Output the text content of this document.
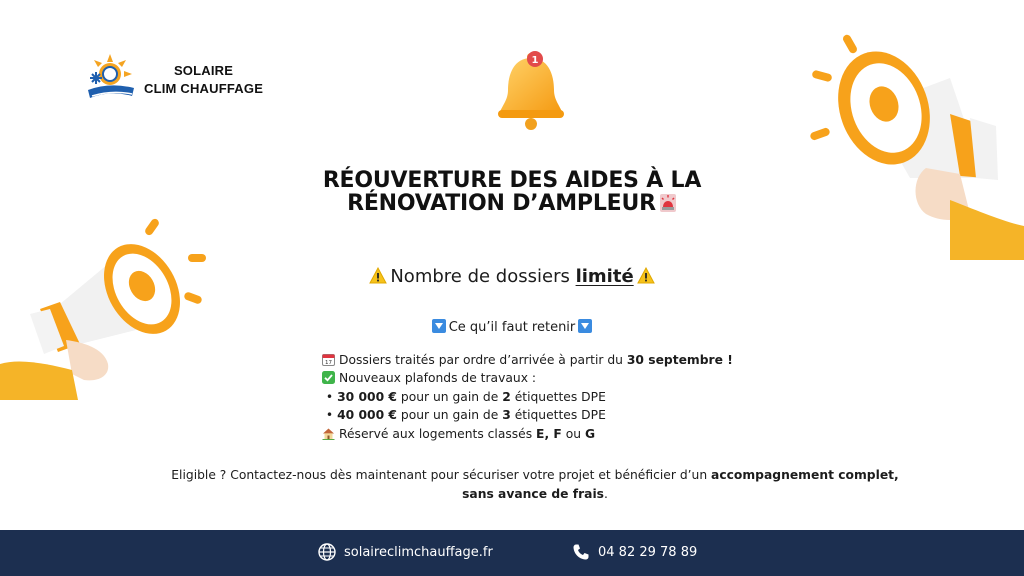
SOLAIRE
CLIM CHAUFFAGE
1
RÉOUVERTURE DES AIDES À LA
RÉNOVATION D’AMPLEUR
Nombre de dossiers limité
Ce qu’il faut retenir
17 Dossiers traités par ordre d’arrivée à partir du 30 septembre !
Nouveaux plafonds de travaux :
• 30 000 € pour un gain de 2 étiquettes DPE
• 40 000 € pour un gain de 3 étiquettes DPE
Réservé aux logements classés E, F ou G
Eligible ? Contactez-nous dès maintenant pour sécuriser votre projet et bénéficier d’un accompagnement complet,
sans avance de frais.
solaireclimchauffage.fr	04 82 29 78 89
